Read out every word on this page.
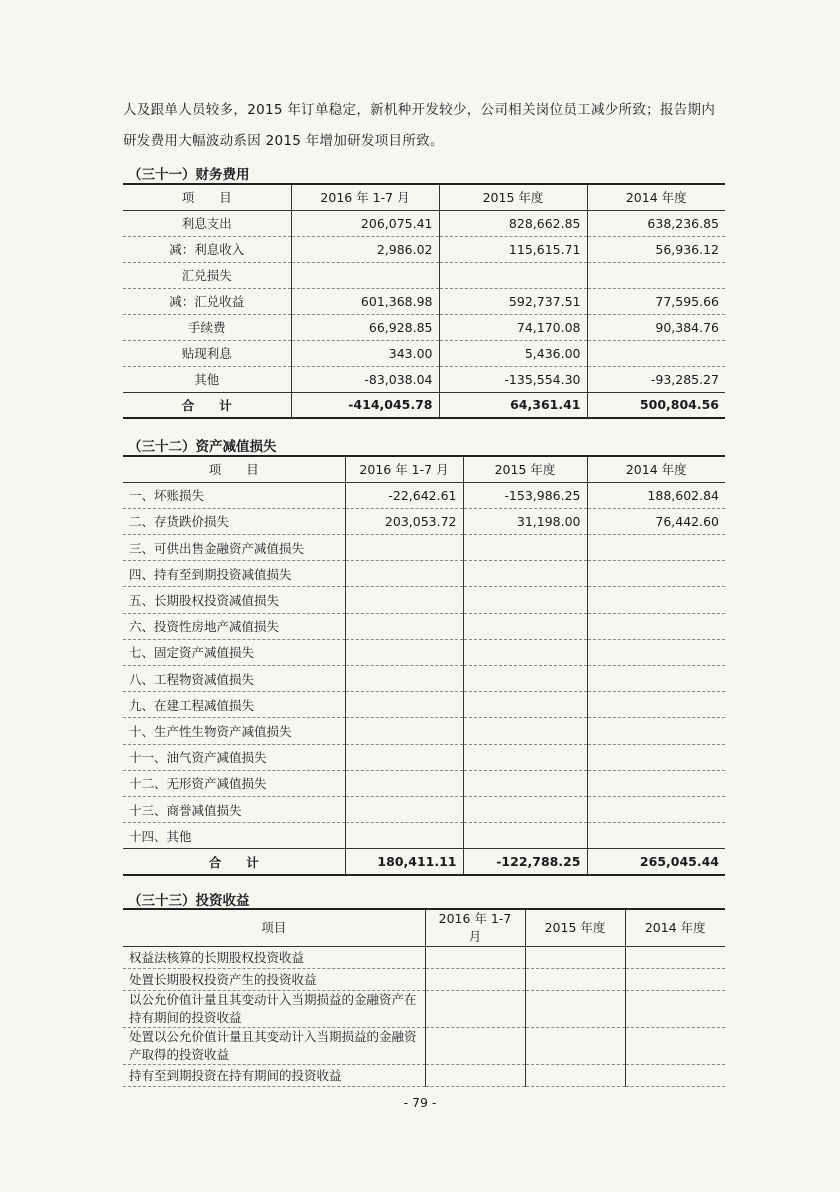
人及跟单人员较多，2015 年订单稳定，新机种开发较少，公司相关岗位员工减少所致；报告期内研发费用大幅波动系因 2015 年增加研发项目所致。
（三十一）财务费用
项　　目	2016 年 1-7 月	2015 年度	2014 年度
利息支出	206,075.41	828,662.85	638,236.85
减：利息收入	2,986.02	115,615.71	56,936.12
汇兑损失			
减：汇兑收益	601,368.98	592,737.51	77,595.66
手续费	66,928.85	74,170.08	90,384.76
贴现利息	343.00	5,436.00	
其他	-83,038.04	-135,554.30	-93,285.27
合　　计	-414,045.78	64,361.41	500,804.56
（三十二）资产减值损失
项　　目	2016 年 1-7 月	2015 年度	2014 年度
一、坏账损失	-22,642.61	-153,986.25	188,602.84
二、存货跌价损失	203,053.72	31,198.00	76,442.60
三、可供出售金融资产减值损失			
四、持有至到期投资减值损失			
五、长期股权投资减值损失			
六、投资性房地产减值损失			
七、固定资产减值损失			
八、工程物资减值损失			
九、在建工程减值损失			
十、生产性生物资产减值损失			
十一、油气资产减值损失			
十二、无形资产减值损失			
十三、商誉减值损失			
十四、其他			
合　　计	180,411.11	-122,788.25	265,045.44
（三十三）投资收益
项目	2016 年 1-7 月	2015 年度	2014 年度
权益法核算的长期股权投资收益			
处置长期股权投资产生的投资收益			
以公允价值计量且其变动计入当期损益的金融资产在持有期间的投资收益			
处置以公允价值计量且其变动计入当期损益的金融资产取得的投资收益			
持有至到期投资在持有期间的投资收益			
- 79 -
